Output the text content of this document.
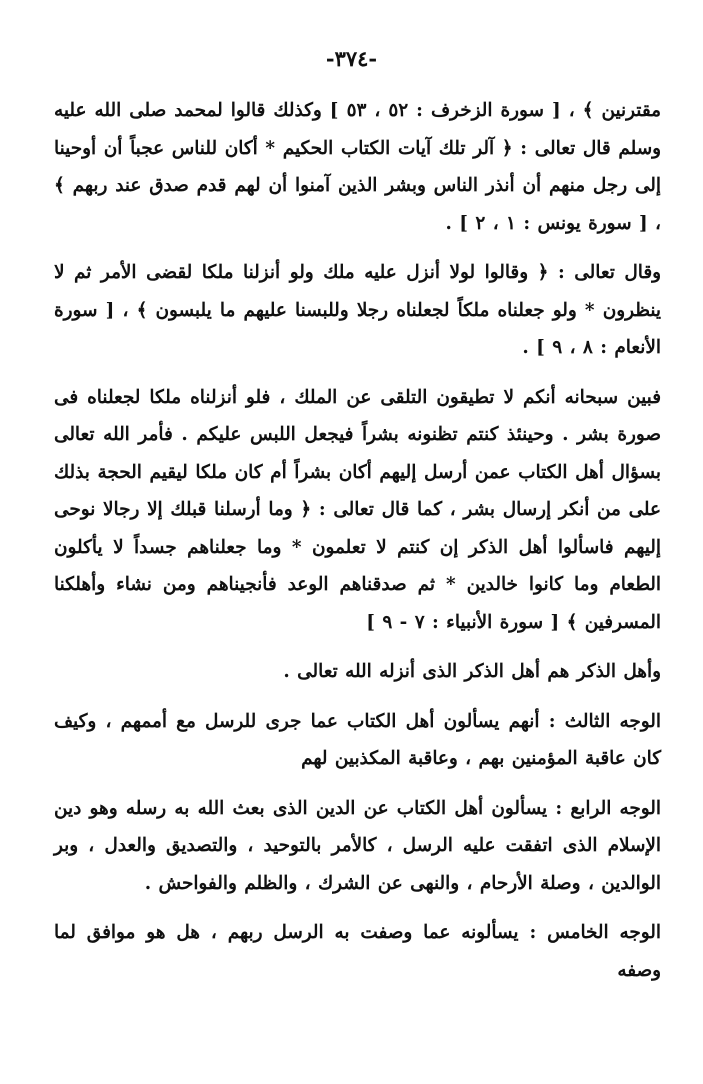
-٣٧٤-

مقترنين ﴾ ، [ سورة الزخرف : ٥٢ ، ٥٣ ] وكذلك قالوا لمحمد صلى الله عليه وسلم قال تعالى : ﴿ آلر تلك آيات الكتاب الحكيم * أكان للناس عجباً أن أوحينا إلى رجل منهم أن أنذر الناس وبشر الذين آمنوا أن لهم قدم صدق عند ربهم ﴾ ، [ سورة يونس : ١ ، ٢ ] .

وقال تعالى : ﴿ وقالوا لولا أنزل عليه ملك ولو أنزلنا ملكا لقضى الأمر ثم لا ينظرون * ولو جعلناه ملكاً لجعلناه رجلا وللبسنا عليهم ما يلبسون ﴾ ، [ سورة الأنعام : ٨ ، ٩ ] .

فبين سبحانه أنكم لا تطيقون التلقى عن الملك ، فلو أنزلناه ملكا لجعلناه فى صورة بشر . وحينئذ كنتم تظنونه بشراً فيجعل اللبس عليكم . فأمر الله تعالى بسؤال أهل الكتاب عمن أرسل إليهم أكان بشراً أم كان ملكا ليقيم الحجة بذلك على من أنكر إرسال بشر ، كما قال تعالى : ﴿ وما أرسلنا قبلك إلا رجالا نوحى إليهم فاسألوا أهل الذكر إن كنتم لا تعلمون * وما جعلناهم جسداً لا يأكلون الطعام وما كانوا خالدين * ثم صدقناهم الوعد فأنجيناهم ومن نشاء وأهلكنا المسرفين ﴾ [ سورة الأنبياء : ٧ - ٩ ]

وأهل الذكر هم أهل الذكر الذى أنزله الله تعالى .

الوجه الثالث : أنهم يسألون أهل الكتاب عما جرى للرسل مع أممهم ، وكيف كان عاقبة المؤمنين بهم ، وعاقبة المكذبين لهم

الوجه الرابع : يسألون أهل الكتاب عن الدين الذى بعث الله به رسله وهو دين الإسلام الذى اتفقت عليه الرسل ، كالأمر بالتوحيد ، والتصديق والعدل ، وبر الوالدين ، وصلة الأرحام ، والنهى عن الشرك ، والظلم والفواحش .

الوجه الخامس : يسألونه عما وصفت به الرسل ربهم ، هل هو موافق لما وصفه
